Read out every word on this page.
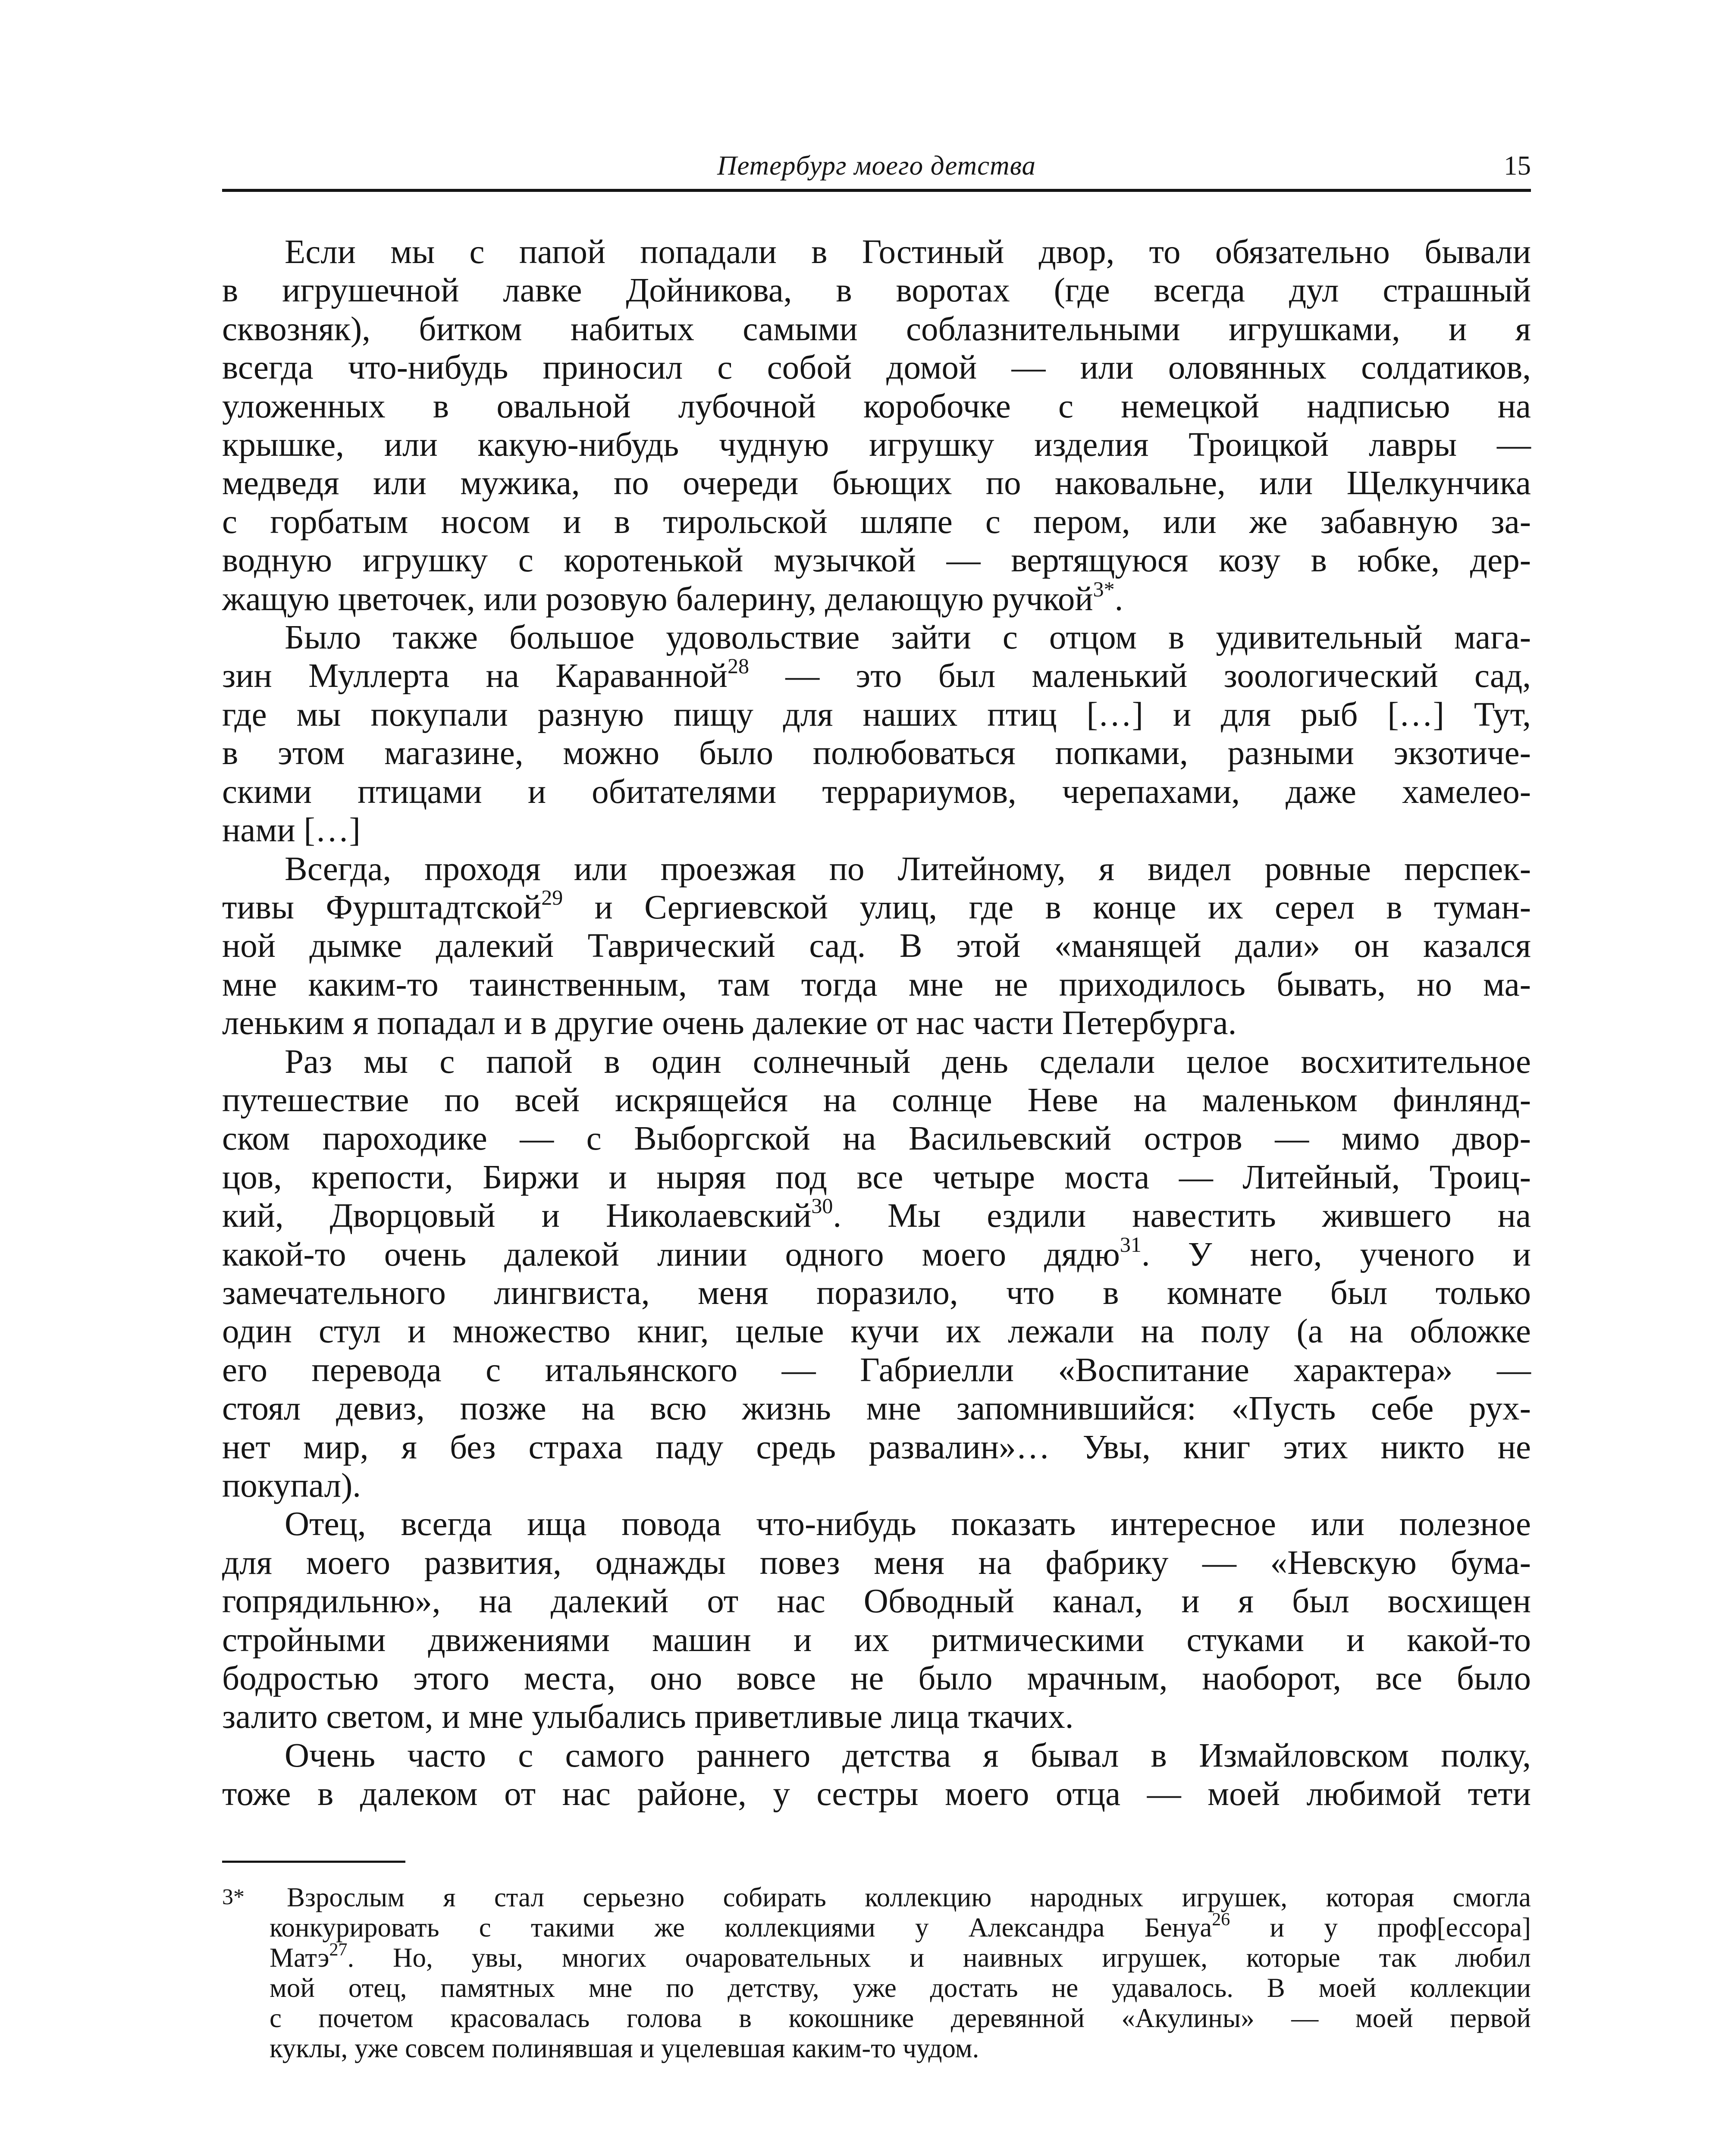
Петербург моего детства	15
Если мы с папой попадали в Гостиный двор, то обязательно бывали
в игрушечной лавке Дойникова, в воротах (где всегда дул страшный
сквозняк), битком набитых самыми соблазнительными игрушками, и я
всегда что-нибудь приносил с собой домой — или оловянных солдатиков,
уложенных в овальной лубочной коробочке с немецкой надписью на
крышке, или какую-нибудь чудную игрушку изделия Троицкой лавры —
медведя или мужика, по очереди бьющих по наковальне, или Щелкунчика
с горбатым носом и в тирольской шляпе с пером, или же забавную за-
водную игрушку с коротенькой музычкой — вертящуюся козу в юбке, дер-
жащую цветочек, или розовую балерину, делающую ручкой$^{3*}$.
Было также большое удовольствие зайти с отцом в удивительный мага-
зин Муллерта на Караванной$^{28}$ — это был маленький зоологический сад,
где мы покупали разную пищу для наших птиц […] и для рыб […] Тут,
в этом магазине, можно было полюбоваться попками, разными экзотиче-
скими птицами и обитателями террариумов, черепахами, даже хамелео-
нами […]
Всегда, проходя или проезжая по Литейному, я видел ровные перспек-
тивы Фурштадтской$^{29}$ и Сергиевской улиц, где в конце их серел в туман-
ной дымке далекий Таврический сад. В этой «манящей дали» он казался
мне каким-то таинственным, там тогда мне не приходилось бывать, но ма-
леньким я попадал и в другие очень далекие от нас части Петербурга.
Раз мы с папой в один солнечный день сделали целое восхитительное
путешествие по всей искрящейся на солнце Неве на маленьком финлянд-
ском пароходике — с Выборгской на Васильевский остров — мимо двор-
цов, крепости, Биржи и ныряя под все четыре моста — Литейный, Троиц-
кий, Дворцовый и Николаевский$^{30}$. Мы ездили навестить жившего на
какой-то очень далекой линии одного моего дядю$^{31}$. У него, ученого и
замечательного лингвиста, меня поразило, что в комнате был только
один стул и множество книг, целые кучи их лежали на полу (а на обложке
его перевода с итальянского — Габриелли «Воспитание характера» —
стоял девиз, позже на всю жизнь мне запомнившийся: «Пусть себе рух-
нет мир, я без страха паду средь развалин»… Увы, книг этих никто не
покупал).
Отец, всегда ища повода что-нибудь показать интересное или полезное
для моего развития, однажды повез меня на фабрику — «Невскую бума-
гопрядильню», на далекий от нас Обводный канал, и я был восхищен
стройными движениями машин и их ритмическими стуками и какой-то
бодростью этого места, оно вовсе не было мрачным, наоборот, все было
залито светом, и мне улыбались приветливые лица ткачих.
Очень часто с самого раннего детства я бывал в Измайловском полку,
тоже в далеком от нас районе, у сестры моего отца — моей любимой тети
3*	Взрослым я стал серьезно собирать коллекцию народных игрушек, которая смогла
конкурировать с такими же коллекциями у Александра Бенуа$^{26}$ и у проф[ессора]
Матэ$^{27}$. Но, увы, многих очаровательных и наивных игрушек, которые так любил
мой отец, памятных мне по детству, уже достать не удавалось. В моей коллекции
с почетом красовалась голова в кокошнике деревянной «Акулины» — моей первой
куклы, уже совсем полинявшая и уцелевшая каким-то чудом.
